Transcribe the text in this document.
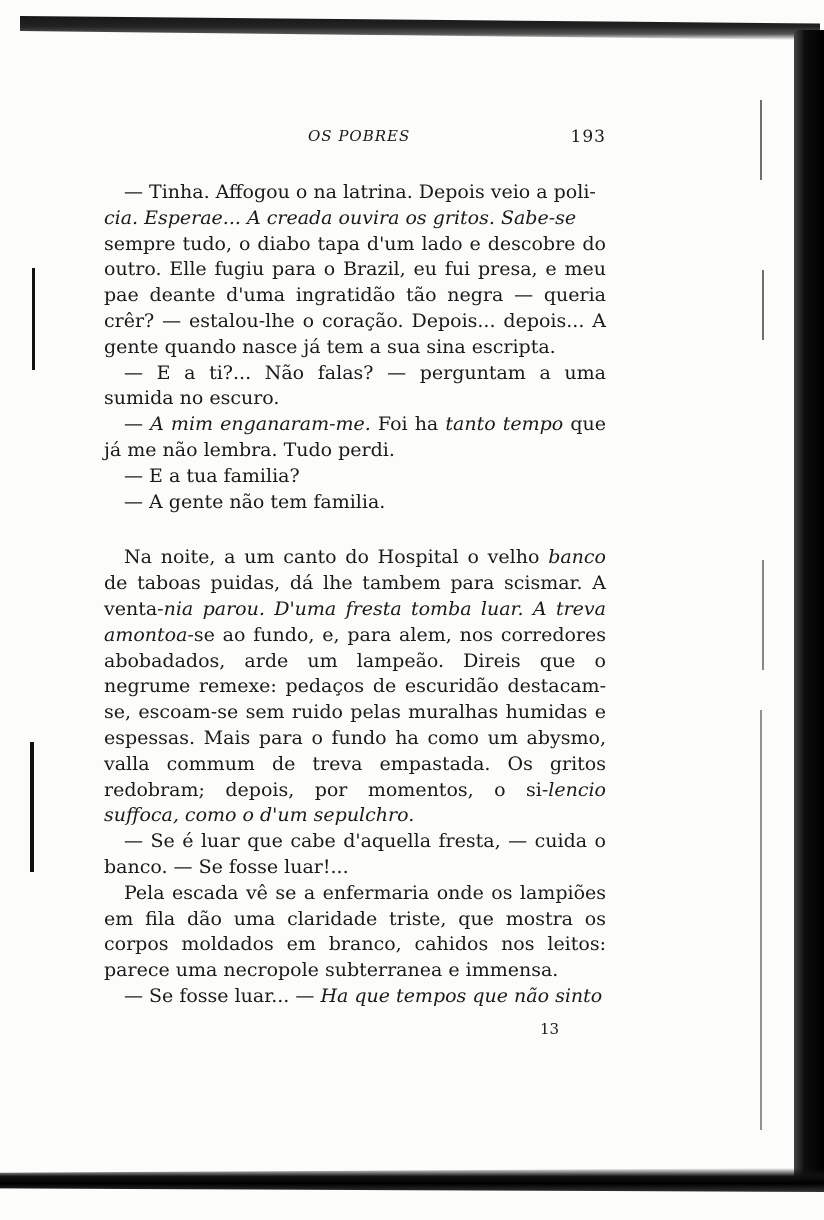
OS POBRES	193

— Tinha. Affogou o na latrina. Depois veio a poli-

cia. Esperae... A creada ouvira os gritos. Sabe-se

sempre tudo, o diabo tapa d'um lado e descobre do outro. Elle fugiu para o Brazil, eu fui presa, e meu pae deante d'uma ingratidão tão negra — queria crêr? — estalou-lhe o coração. Depois... depois... A gente quando nasce já tem a sua sina escripta.

— E a ti?... Não falas? — perguntam a uma sumida no escuro.

— A mim enganaram-me. Foi ha tanto tempo que já me não lembra. Tudo perdi.

— E a tua familia?

— A gente não tem familia.

Na noite, a um canto do Hospital o velho banco de taboas puidas, dá lhe tambem para scismar. A venta-nia parou. D'uma fresta tomba luar. A treva amontoa-se ao fundo, e, para alem, nos corredores abobadados, arde um lampeão. Direis que o negrume remexe: pedaços de escuridão destacam-se, escoam-se sem ruido pelas muralhas humidas e espessas. Mais para o fundo ha como um abysmo, valla commum de treva empastada. Os gritos redobram; depois, por momentos, o si-lencio suffoca, como o d'um sepulchro.

— Se é luar que cabe d'aquella fresta, — cuida o banco. — Se fosse luar!...

Pela escada vê se a enfermaria onde os lampiões em fila dão uma claridade triste, que mostra os corpos moldados em branco, cahidos nos leitos: parece uma necropole subterranea e immensa.

— Se fosse luar... — Ha que tempos que não sinto

13
